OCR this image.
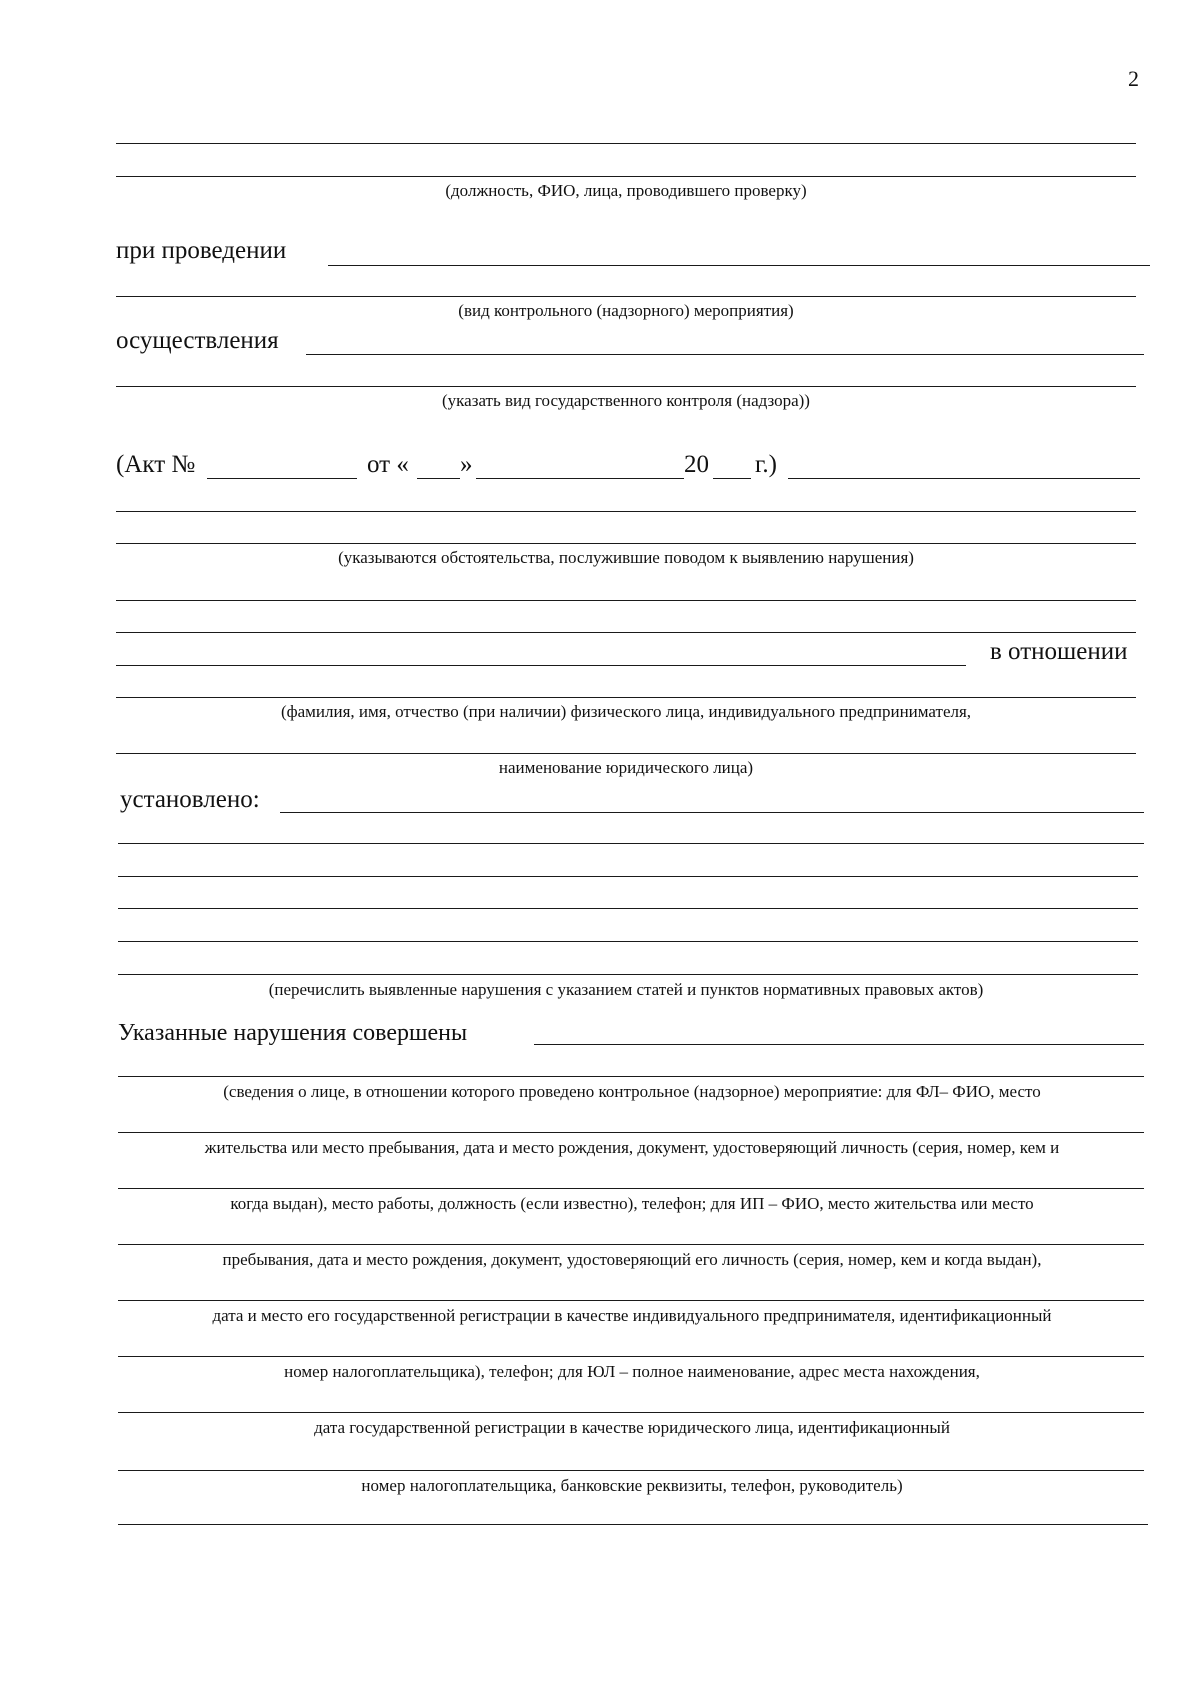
2
(должность, ФИО, лица, проводившего проверку)
при проведении
(вид контрольного (надзорного) мероприятия)
осуществления
(указать вид государственного контроля (надзора))
(Акт №	от « »	20 г.)
(указываются обстоятельства, послужившие поводом к выявлению нарушения)
в отношении
(фамилия, имя, отчество (при наличии) физического лица, индивидуального предпринимателя,
наименование юридического лица)
установлено:
(перечислить выявленные нарушения с указанием статей и пунктов нормативных правовых актов)
Указанные нарушения совершены
(сведения о лице, в отношении которого проведено контрольное (надзорное) мероприятие: для ФЛ– ФИО, место
жительства или место пребывания, дата и место рождения, документ, удостоверяющий личность (серия, номер, кем и
когда выдан), место работы, должность (если известно), телефон; для ИП – ФИО, место жительства или место
пребывания, дата и место рождения, документ, удостоверяющий его личность (серия, номер, кем и когда выдан),
дата и место его государственной регистрации в качестве индивидуального предпринимателя, идентификационный
номер налогоплательщика), телефон; для ЮЛ – полное наименование, адрес места нахождения,
дата государственной регистрации в качестве юридического лица, идентификационный
номер налогоплательщика, банковские реквизиты, телефон, руководитель)
